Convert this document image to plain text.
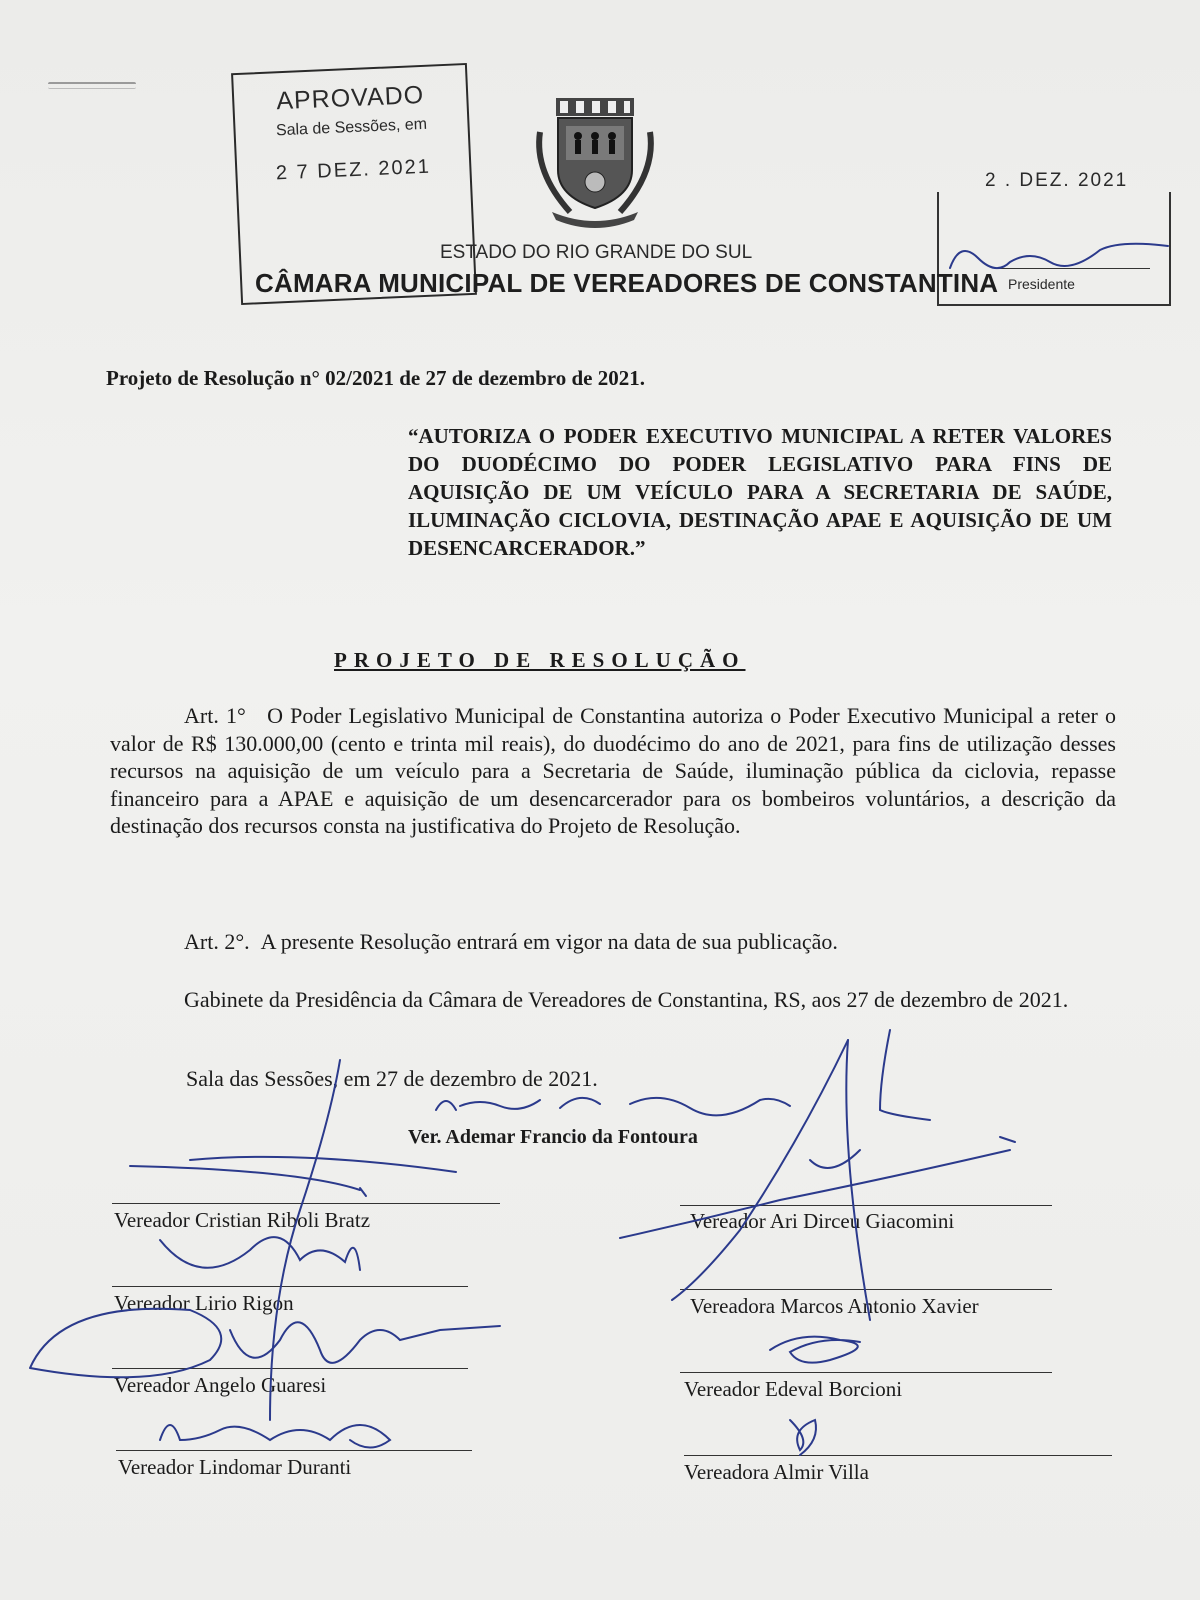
APROVADO
Sala de Sessões, em
2 7 DEZ. 2021	2 . DEZ. 2021
Presidente
ESTADO DO RIO GRANDE DO SUL
CÂMARA MUNICIPAL DE VEREADORES DE CONSTANTINA
Projeto de Resolução n° 02/2021 de 27 de dezembro de 2021.
“AUTORIZA O PODER EXECUTIVO MUNICIPAL A RETER VALORES DO DUODÉCIMO DO PODER LEGISLATIVO PARA FINS DE AQUISIÇÃO DE UM VEÍCULO PARA A SECRETARIA DE SAÚDE, ILUMINAÇÃO CICLOVIA, DESTINAÇÃO APAE E AQUISIÇÃO DE UM DESENCARCERADOR.”
PROJETO DE RESOLUÇÃO
Art. 1° O Poder Legislativo Municipal de Constantina autoriza o Poder Executivo Municipal a reter o valor de R$ 130.000,00 (cento e trinta mil reais), do duodécimo do ano de 2021, para fins de utilização desses recursos na aquisição de um veículo para a Secretaria de Saúde, iluminação pública da ciclovia, repasse financeiro para a APAE e aquisição de um desencarcerador para os bombeiros voluntários, a descrição da destinação dos recursos consta na justificativa do Projeto de Resolução.
Art. 2°. A presente Resolução entrará em vigor na data de sua publicação.
Gabinete da Presidência da Câmara de Vereadores de Constantina, RS, aos 27 de dezembro de 2021.
Sala das Sessões, em 27 de dezembro de 2021.
Ver. Ademar Francio da Fontoura
Vereador Cristian Riboli Bratz	Vereador Ari Dirceu Giacomini
Vereador Lirio Rigon	Vereadora Marcos Antonio Xavier
Vereador Angelo Guaresi	Vereador Edeval Borcioni
Vereador Lindomar Duranti	Vereadora Almir Villa
